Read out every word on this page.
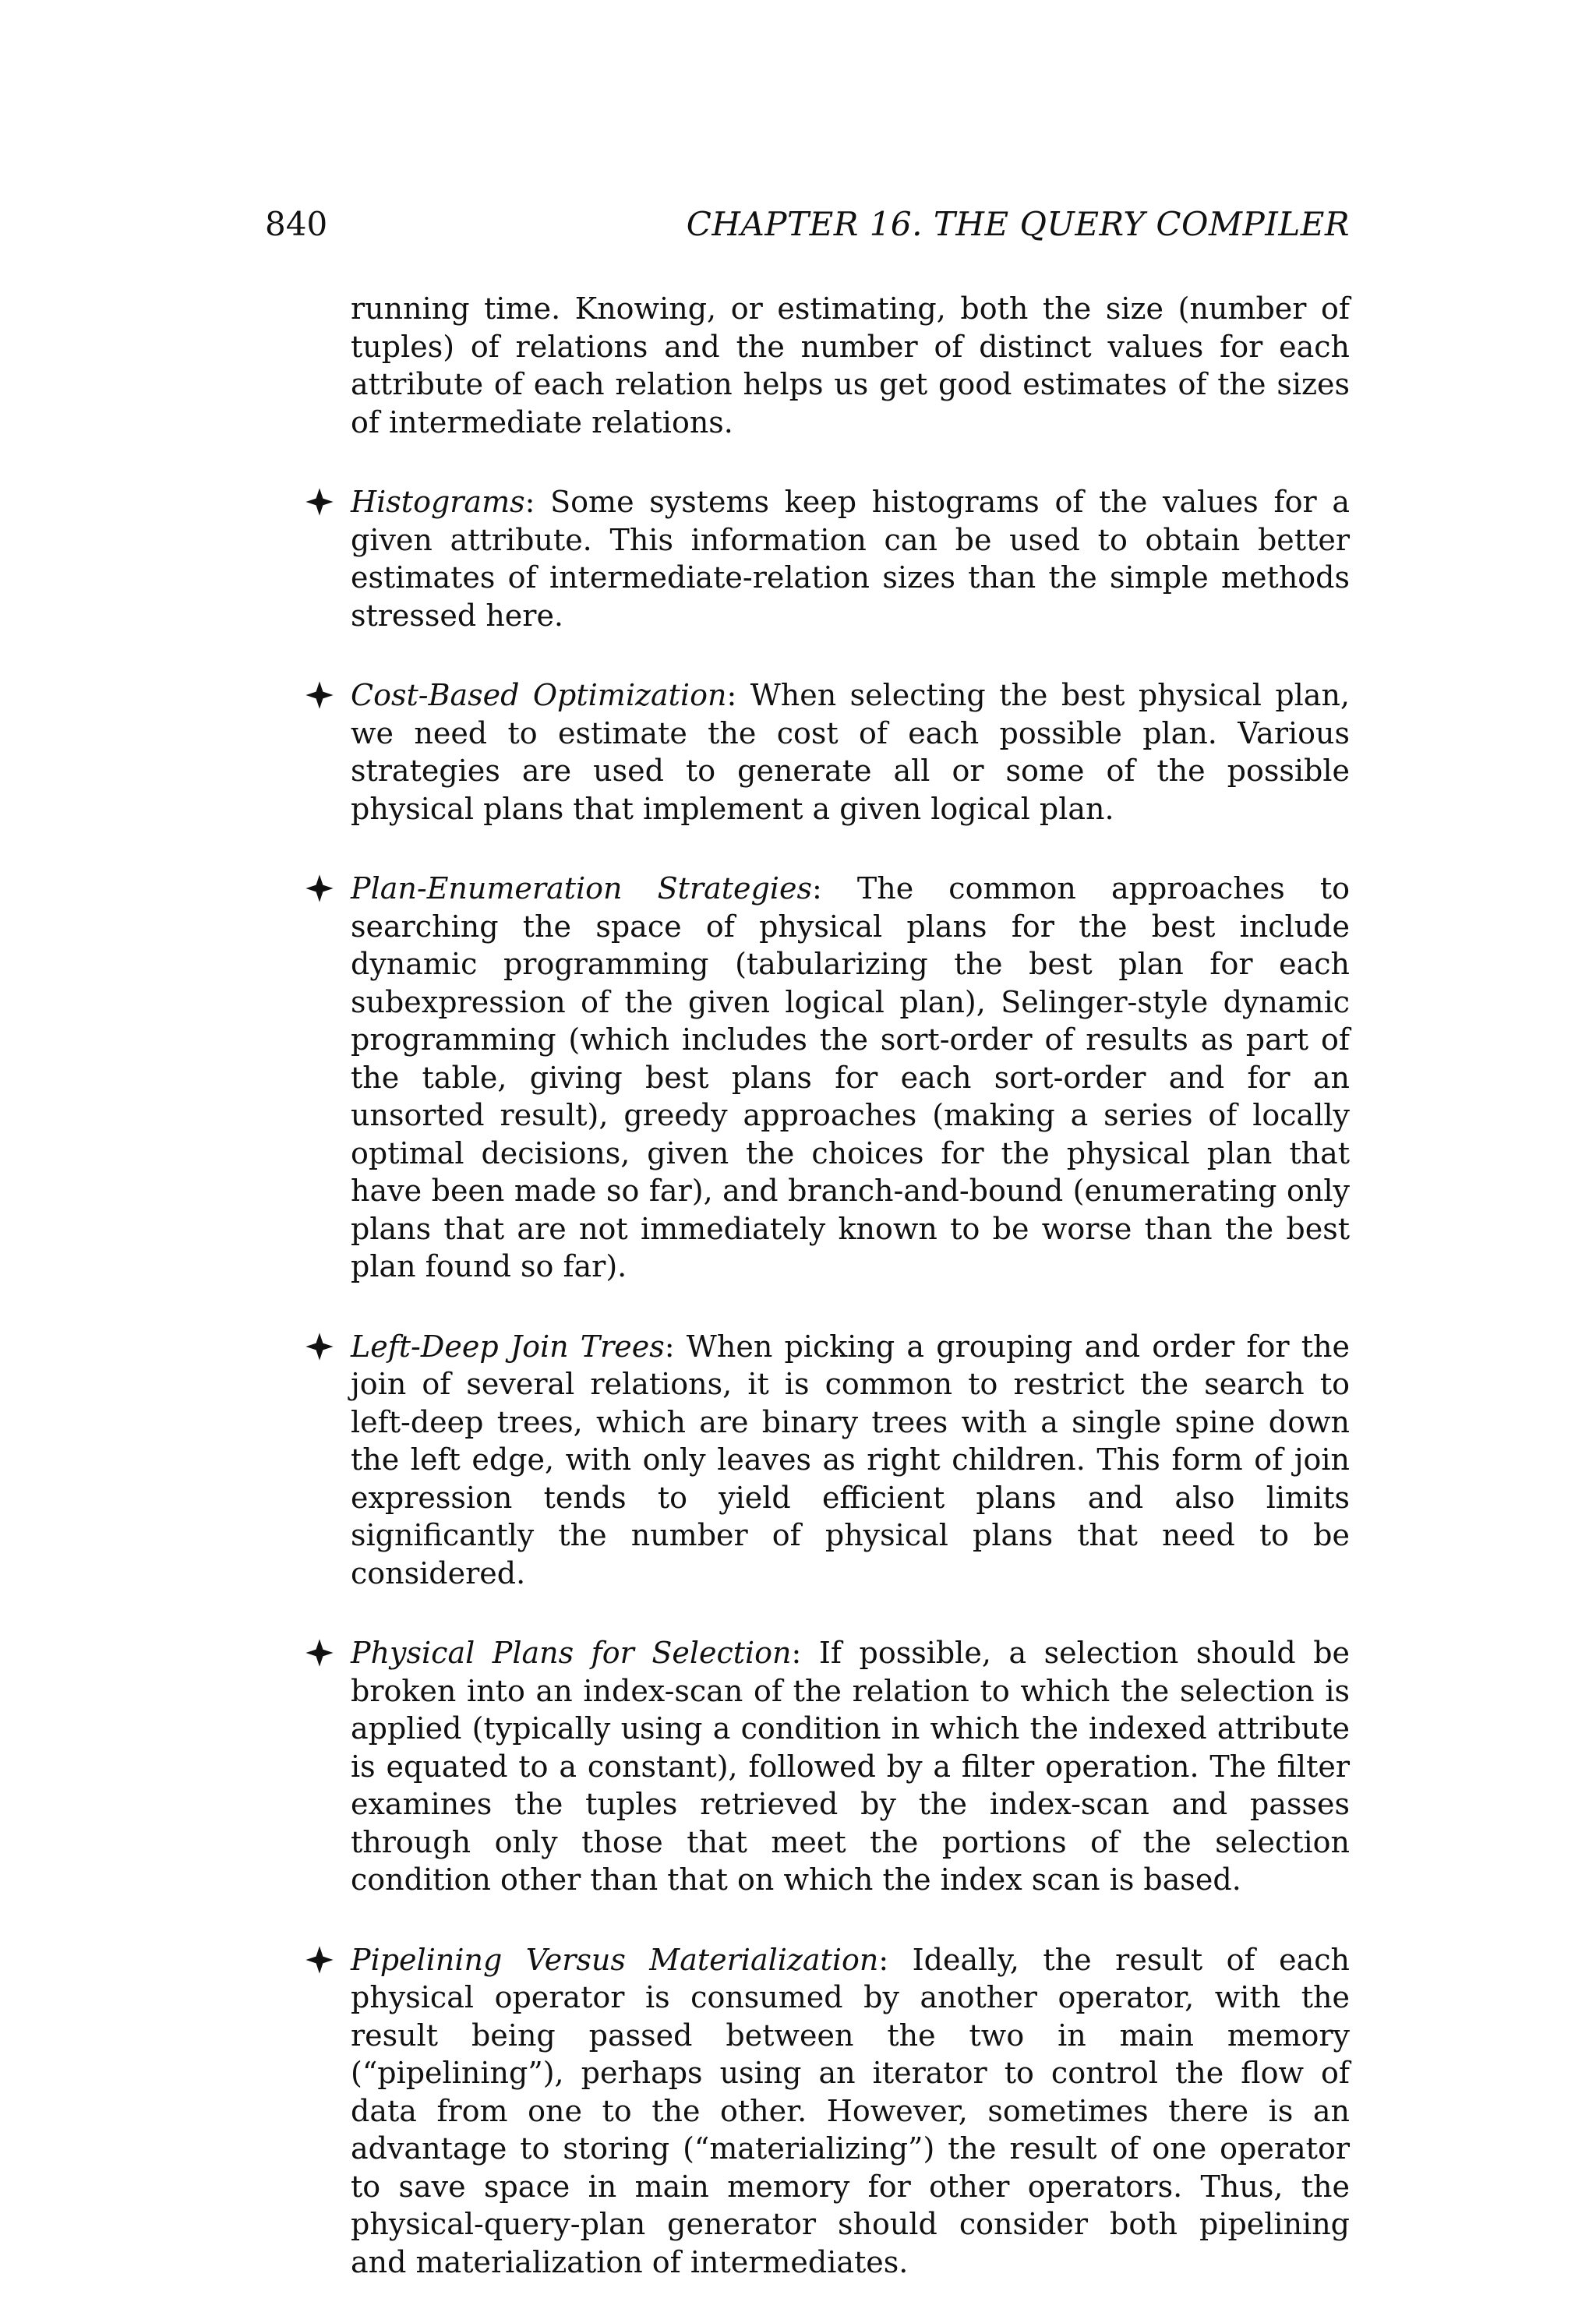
840	CHAPTER 16. THE QUERY COMPILER

running time. Knowing, or estimating, both the size (number of tuples) of relations and the number of distinct values for each attribute of each relation helps us get good estimates of the sizes of intermediate relations.

Histograms: Some systems keep histograms of the values for a given attribute. This information can be used to obtain better estimates of intermediate-relation sizes than the simple methods stressed here.
Cost-Based Optimization: When selecting the best physical plan, we need to estimate the cost of each possible plan. Various strategies are used to generate all or some of the possible physical plans that implement a given logical plan.
Plan-Enumeration Strategies: The common approaches to searching the space of physical plans for the best include dynamic programming (tabularizing the best plan for each subexpression of the given logical plan), Selinger-style dynamic programming (which includes the sort-order of results as part of the table, giving best plans for each sort-order and for an unsorted result), greedy approaches (making a series of locally optimal decisions, given the choices for the physical plan that have been made so far), and branch-and-bound (enumerating only plans that are not immediately known to be worse than the best plan found so far).
Left-Deep Join Trees: When picking a grouping and order for the join of several relations, it is common to restrict the search to left-deep trees, which are binary trees with a single spine down the left edge, with only leaves as right children. This form of join expression tends to yield efficient plans and also limits significantly the number of physical plans that need to be considered.
Physical Plans for Selection: If possible, a selection should be broken into an index-scan of the relation to which the selection is applied (typically using a condition in which the indexed attribute is equated to a constant), followed by a filter operation. The filter examines the tuples retrieved by the index-scan and passes through only those that meet the portions of the selection condition other than that on which the index scan is based.
Pipelining Versus Materialization: Ideally, the result of each physical operator is consumed by another operator, with the result being passed between the two in main memory (“pipelining”), perhaps using an iterator to control the flow of data from one to the other. However, sometimes there is an advantage to storing (“materializing”) the result of one operator to save space in main memory for other operators. Thus, the physical-query-plan generator should consider both pipelining and materialization of intermediates.
